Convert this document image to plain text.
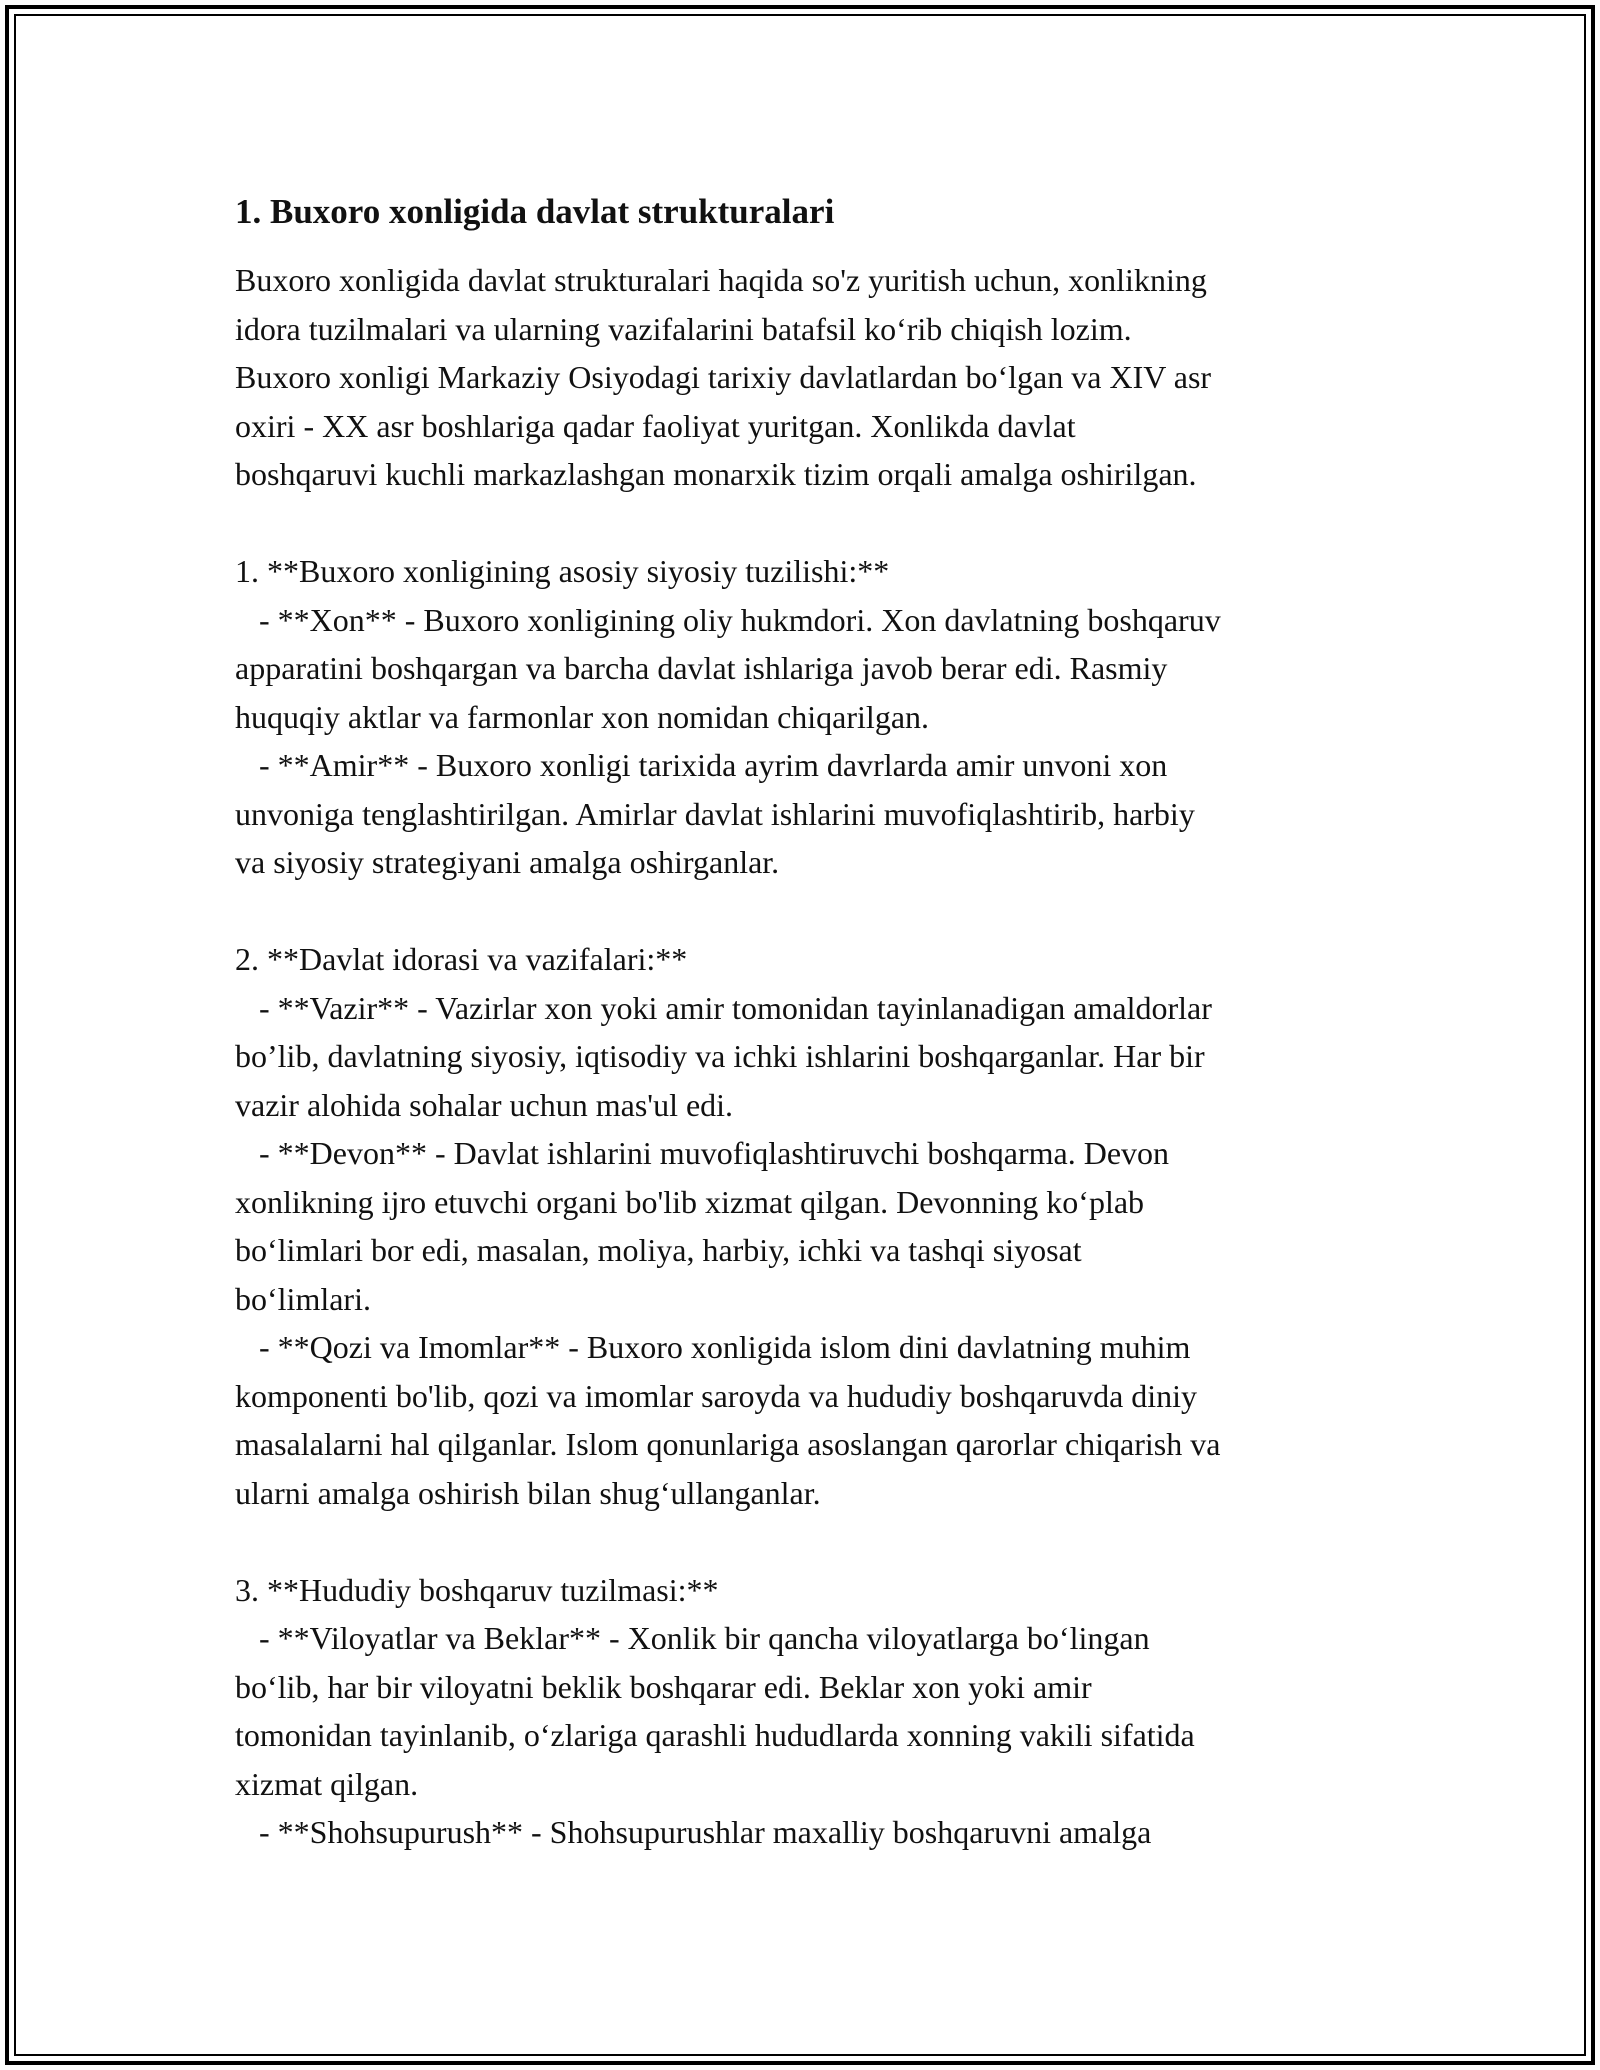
1. Buxoro xonligida davlat strukturalari

Buxoro xonligida davlat strukturalari haqida so'z yuritish uchun, xonlikning
idora tuzilmalari va ularning vazifalarini batafsil ko‘rib chiqish lozim.
Buxoro xonligi Markaziy Osiyodagi tarixiy davlatlardan bo‘lgan va XIV asr
oxiri - XX asr boshlariga qadar faoliyat yuritgan. Xonlikda davlat
boshqaruvi kuchli markazlashgan monarxik tizim orqali amalga oshirilgan.

1. **Buxoro xonligining asosiy siyosiy tuzilishi:**
- **Xon** - Buxoro xonligining oliy hukmdori. Xon davlatning boshqaruv
apparatini boshqargan va barcha davlat ishlariga javob berar edi. Rasmiy
huquqiy aktlar va farmonlar xon nomidan chiqarilgan.
- **Amir** - Buxoro xonligi tarixida ayrim davrlarda amir unvoni xon
unvoniga tenglashtirilgan. Amirlar davlat ishlarini muvofiqlashtirib, harbiy
va siyosiy strategiyani amalga oshirganlar.

2. **Davlat idorasi va vazifalari:**
- **Vazir** - Vazirlar xon yoki amir tomonidan tayinlanadigan amaldorlar
bo’lib, davlatning siyosiy, iqtisodiy va ichki ishlarini boshqarganlar. Har bir
vazir alohida sohalar uchun mas'ul edi.
- **Devon** - Davlat ishlarini muvofiqlashtiruvchi boshqarma. Devon
xonlikning ijro etuvchi organi bo'lib xizmat qilgan. Devonning ko‘plab
bo‘limlari bor edi, masalan, moliya, harbiy, ichki va tashqi siyosat
bo‘limlari.
- **Qozi va Imomlar** - Buxoro xonligida islom dini davlatning muhim
komponenti bo'lib, qozi va imomlar saroyda va hududiy boshqaruvda diniy
masalalarni hal qilganlar. Islom qonunlariga asoslangan qarorlar chiqarish va
ularni amalga oshirish bilan shug‘ullanganlar.

3. **Hududiy boshqaruv tuzilmasi:**
- **Viloyatlar va Beklar** - Xonlik bir qancha viloyatlarga bo‘lingan
bo‘lib, har bir viloyatni beklik boshqarar edi. Beklar xon yoki amir
tomonidan tayinlanib, o‘zlariga qarashli hududlarda xonning vakili sifatida
xizmat qilgan.
- **Shohsupurush** - Shohsupurushlar maxalliy boshqaruvni amalga
